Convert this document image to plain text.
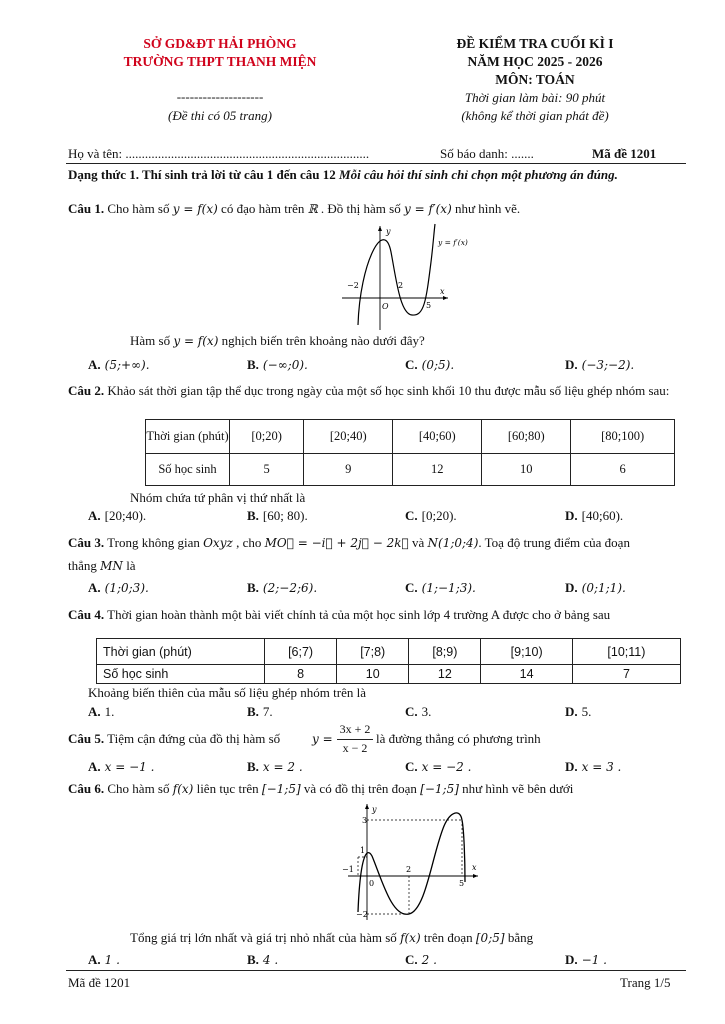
SỞ GD&ĐT HẢI PHÒNG
TRƯỜNG THPT THANH MIỆN
--------------------
(Đề thi có 05 trang)
ĐỀ KIỂM TRA CUỐI KÌ I
NĂM HỌC 2025 - 2026
MÔN: TOÁN
Thời gian làm bài: 90 phút
(không kể thời gian phát đề)
Họ và tên: ...........................................................................	Số báo danh: .......	Mã đề 1201
Dạng thức 1. Thí sinh trả lời từ câu 1 đến câu 12 Mỗi câu hỏi thí sinh chỉ chọn một phương án đúng.
Câu 1. Cho hàm số y = f(x) có đạo hàm trên ℝ . Đồ thị hàm số y = f′(x) như hình vẽ.
y
x
y = f′(x)
O
−2	2
5
Hàm số y = f(x) nghịch biến trên khoảng nào dưới đây?
A. (5;+∞).	B. (−∞;0).	C. (0;5).	D. (−3;−2).
Câu 2. Khảo sát thời gian tập thể dục trong ngày của một số học sinh khối 10 thu được mẫu số liệu ghép nhóm sau:
Thời gian (phút)	[0;20)	[20;40)	[40;60)	[60;80)	[80;100)
Số học sinh	5	9	12	10	6
Nhóm chứa tứ phân vị thứ nhất là
A. [20;40).	B. [60; 80).	C. [0;20).	D. [40;60).
Câu 3. Trong không gian Oxyz , cho MO⃗ = −i⃗ + 2j⃗ − 2k⃗ và N(1;0;4). Toạ độ trung điểm của đoạn
thẳng MN là
A. (1;0;3).	B. (2;−2;6).	C. (1;−1;3).	D. (0;1;1).
Câu 4. Thời gian hoàn thành một bài viết chính tả của một học sinh lớp 4 trường A được cho ở bảng sau
Thời gian (phút)	[6;7)	[7;8)	[8;9)	[9;10)	[10;11)
Số học sinh	8	10	12	14	7
Khoảng biến thiên của mẫu số liệu ghép nhóm trên là
A. 1.	B. 7.	C. 3.	D. 5.
Câu 5. Tiệm cận đứng của đồ thị hàm số	y =
3x + 2
x − 2
là đường thẳng có phương trình
A. x = −1 .	B. x = 2 .	C. x = −2 .	D. x = 3 .
Câu 6. Cho hàm số f(x) liên tục trên [−1;5] và có đồ thị trên đoạn [−1;5] như hình vẽ bên dưới
y
x
3
1
−2
−1
0
2
5
Tổng giá trị lớn nhất và giá trị nhỏ nhất của hàm số f(x) trên đoạn [0;5] bằng
A. 1 .	B. 4 .	C. 2 .	D. −1 .
Mã đề 1201	Trang 1/5
